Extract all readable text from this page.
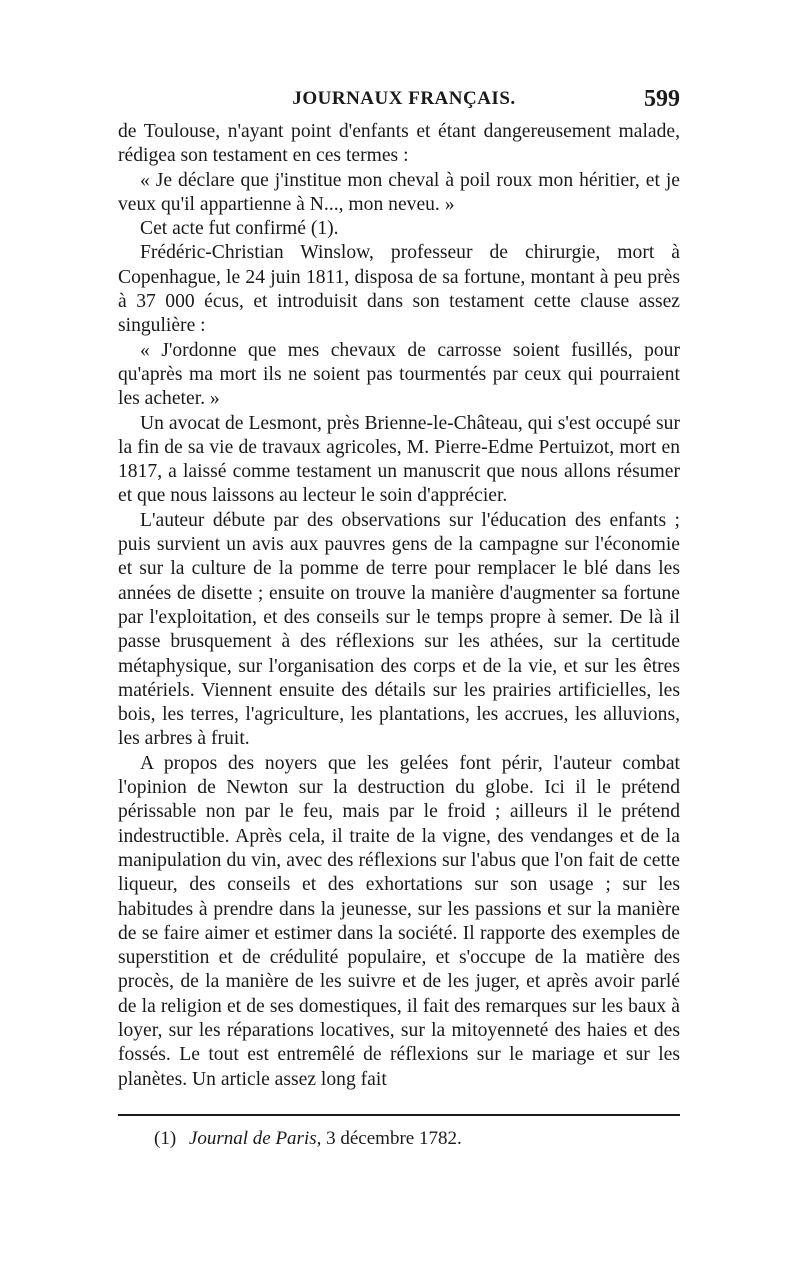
JOURNAUX FRANÇAIS.	599

de Toulouse, n'ayant point d'enfants et étant dangereusement malade, rédigea son testament en ces termes :

« Je déclare que j'institue mon cheval à poil roux mon héritier, et je veux qu'il appartienne à N..., mon neveu. »

Cet acte fut confirmé (1).

Frédéric-Christian Winslow, professeur de chirurgie, mort à Copenhague, le 24 juin 1811, disposa de sa fortune, montant à peu près à 37 000 écus, et introduisit dans son testament cette clause assez singulière :

« J'ordonne que mes chevaux de carrosse soient fusillés, pour qu'après ma mort ils ne soient pas tourmentés par ceux qui pourraient les acheter. »

Un avocat de Lesmont, près Brienne-le-Château, qui s'est occupé sur la fin de sa vie de travaux agricoles, M. Pierre-Edme Pertuizot, mort en 1817, a laissé comme testament un manuscrit que nous allons résumer et que nous laissons au lecteur le soin d'apprécier.

L'auteur débute par des observations sur l'éducation des enfants ; puis survient un avis aux pauvres gens de la campagne sur l'économie et sur la culture de la pomme de terre pour remplacer le blé dans les années de disette ; ensuite on trouve la manière d'augmenter sa fortune par l'exploitation, et des conseils sur le temps propre à semer. De là il passe brusquement à des réflexions sur les athées, sur la certitude métaphysique, sur l'organisation des corps et de la vie, et sur les êtres matériels. Viennent ensuite des détails sur les prairies artificielles, les bois, les terres, l'agriculture, les plantations, les accrues, les alluvions, les arbres à fruit.

A propos des noyers que les gelées font périr, l'auteur combat l'opinion de Newton sur la destruction du globe. Ici il le prétend périssable non par le feu, mais par le froid ; ailleurs il le prétend indestructible. Après cela, il traite de la vigne, des vendanges et de la manipulation du vin, avec des réflexions sur l'abus que l'on fait de cette liqueur, des conseils et des exhortations sur son usage ; sur les habitudes à prendre dans la jeunesse, sur les passions et sur la manière de se faire aimer et estimer dans la société. Il rapporte des exemples de superstition et de crédulité populaire, et s'occupe de la matière des procès, de la manière de les suivre et de les juger, et après avoir parlé de la religion et de ses domestiques, il fait des remarques sur les baux à loyer, sur les réparations locatives, sur la mitoyenneté des haies et des fossés. Le tout est entremêlé de réflexions sur le mariage et sur les planètes. Un article assez long fait

(1) Journal de Paris, 3 décembre 1782.
